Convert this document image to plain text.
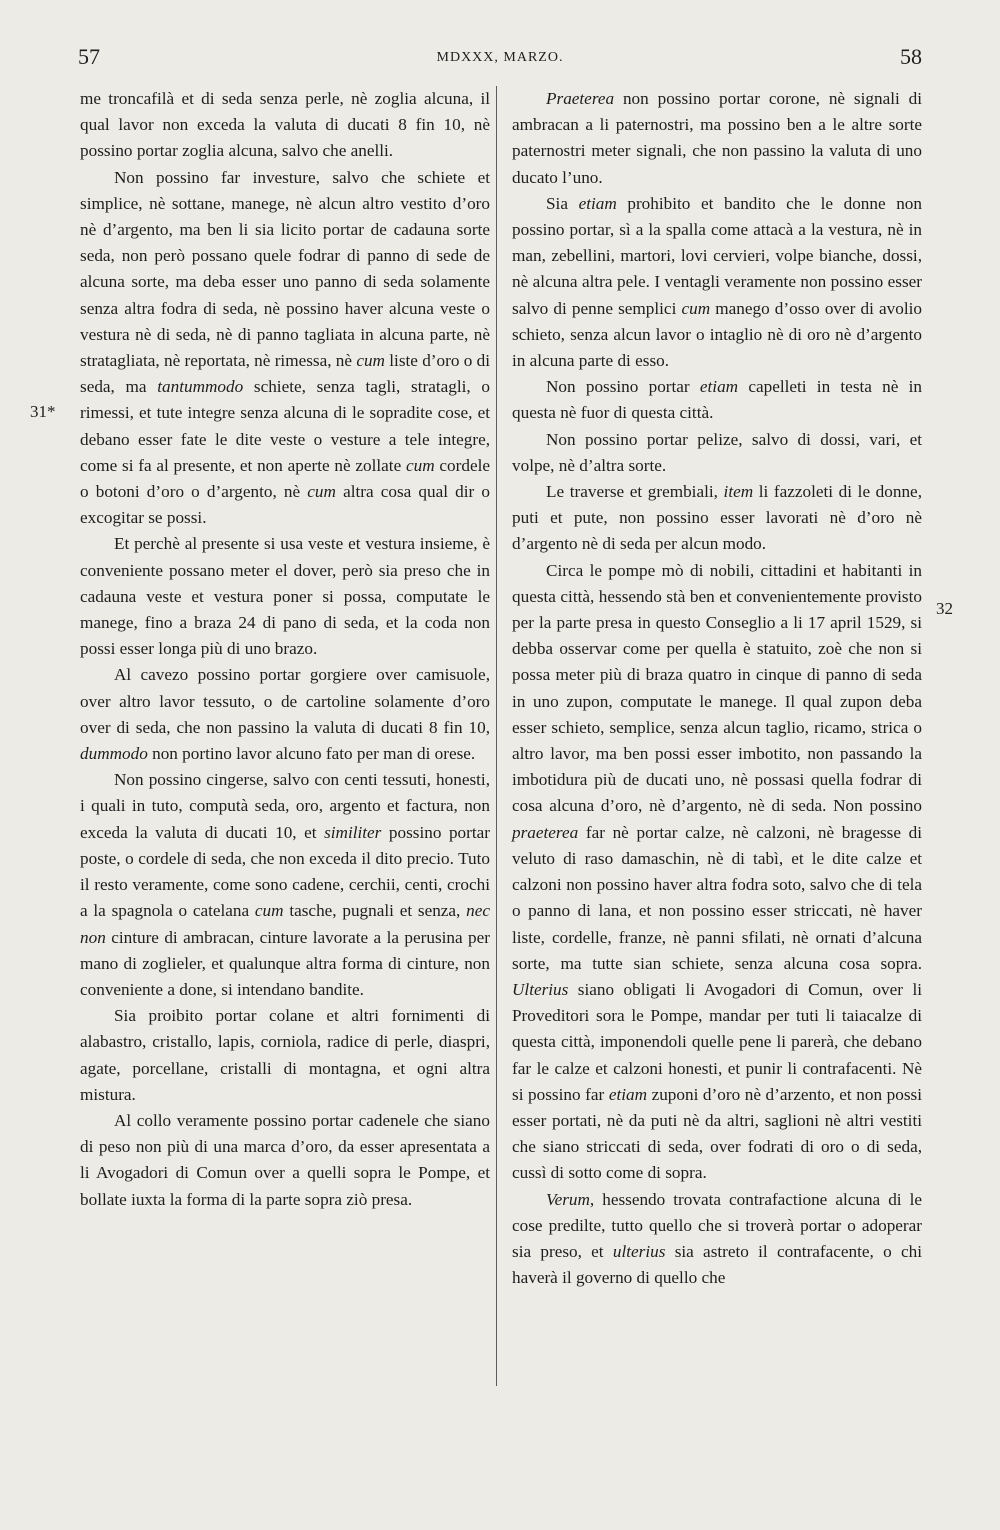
57	MDXXX, MARZO.	58
31*
32

me troncafilà et di seda senza perle, nè zoglia alcuna, il qual lavor non exceda la valuta di ducati 8 fin 10, nè possino portar zoglia alcuna, salvo che anelli.

Non possino far investure, salvo che schiete et simplice, nè sottane, manege, nè alcun altro vestito d’oro nè d’argento, ma ben li sia licito portar de cadauna sorte seda, non però possano quele fodrar di panno di sede de alcuna sorte, ma deba esser uno panno di seda solamente senza altra fodra di seda, nè possino haver alcuna veste o vestura nè di seda, nè di panno tagliata in alcuna parte, nè stratagliata, nè reportata, nè rimessa, nè cum liste d’oro o di seda, ma tantummodo schiete, senza tagli, stratagli, o rimessi, et tute integre senza alcuna di le sopradite cose, et debano esser fate le dite veste o vesture a tele integre, come si fa al presente, et non aperte nè zollate cum cordele o botoni d’oro o d’argento, nè cum altra cosa qual dir o excogitar se possi.

Et perchè al presente si usa veste et vestura insieme, è conveniente possano meter el dover, però sia preso che in cadauna veste et vestura poner si possa, computate le manege, fino a braza 24 di pano di seda, et la coda non possi esser longa più di uno brazo.

Al cavezo possino portar gorgiere over camisuole, over altro lavor tessuto, o de cartoline solamente d’oro over di seda, che non passino la valuta di ducati 8 fin 10, dummodo non portino lavor alcuno fato per man di orese.

Non possino cingerse, salvo con centi tessuti, honesti, i quali in tuto, computà seda, oro, argento et factura, non exceda la valuta di ducati 10, et similiter possino portar poste, o cordele di seda, che non exceda il dito precio. Tuto il resto veramente, come sono cadene, cerchii, centi, crochi a la spagnola o catelana cum tasche, pugnali et senza, nec non cinture di ambracan, cinture lavorate a la perusina per mano di zoglieler, et qualunque altra forma di cinture, non conveniente a done, si intendano bandite.

Sia proibito portar colane et altri fornimenti di alabastro, cristallo, lapis, corniola, radice di perle, diaspri, agate, porcellane, cristalli di montagna, et ogni altra mistura.

Al collo veramente possino portar cadenele che siano di peso non più di una marca d’oro, da esser apresentata a li Avogadori di Comun over a quelli sopra le Pompe, et bollate iuxta la forma di la parte sopra ziò presa.

Praeterea non possino portar corone, nè signali di ambracan a li paternostri, ma possino ben a le altre sorte paternostri meter signali, che non passino la valuta di uno ducato l’uno.

Sia etiam prohibito et bandito che le donne non possino portar, sì a la spalla come attacà a la vestura, nè in man, zebellini, martori, lovi cervieri, volpe bianche, dossi, nè alcuna altra pele. I ventagli veramente non possino esser salvo di penne semplici cum manego d’osso over di avolio schieto, senza alcun lavor o intaglio nè di oro nè d’argento in alcuna parte di esso.

Non possino portar etiam capelleti in testa nè in questa nè fuor di questa città.

Non possino portar pelize, salvo di dossi, vari, et volpe, nè d’altra sorte.

Le traverse et grembiali, item li fazzoleti di le donne, puti et pute, non possino esser lavorati nè d’oro nè d’argento nè di seda per alcun modo.

Circa le pompe mò di nobili, cittadini et habitanti in questa città, hessendo stà ben et convenientemente provisto per la parte presa in questo Conseglio a li 17 april 1529, si debba osservar come per quella è statuito, zoè che non si possa meter più di braza quatro in cinque di panno di seda in uno zupon, computate le manege. Il qual zupon deba esser schieto, semplice, senza alcun taglio, ricamo, strica o altro lavor, ma ben possi esser imbotito, non passando la imbotidura più de ducati uno, nè possasi quella fodrar di cosa alcuna d’oro, nè d’argento, nè di seda. Non possino praeterea far nè portar calze, nè calzoni, nè bragesse di veluto di raso damaschin, nè di tabì, et le dite calze et calzoni non possino haver altra fodra soto, salvo che di tela o panno di lana, et non possino esser striccati, nè haver liste, cordelle, franze, nè panni sfilati, nè ornati d’alcuna sorte, ma tutte sian schiete, senza alcuna cosa sopra. Ulterius siano obligati li Avogadori di Comun, over li Proveditori sora le Pompe, mandar per tuti li taiacalze di questa città, imponendoli quelle pene li parerà, che debano far le calze et calzoni honesti, et punir li contrafacenti. Nè si possino far etiam zuponi d’oro nè d’arzento, et non possi esser portati, nè da puti nè da altri, saglioni nè altri vestiti che siano striccati di seda, over fodrati di oro o di seda, cussì di sotto come di sopra.

Verum, hessendo trovata contrafactione alcuna di le cose predilte, tutto quello che si troverà portar o adoperar sia preso, et ulterius sia astreto il contrafacente, o chi haverà il governo di quello che
